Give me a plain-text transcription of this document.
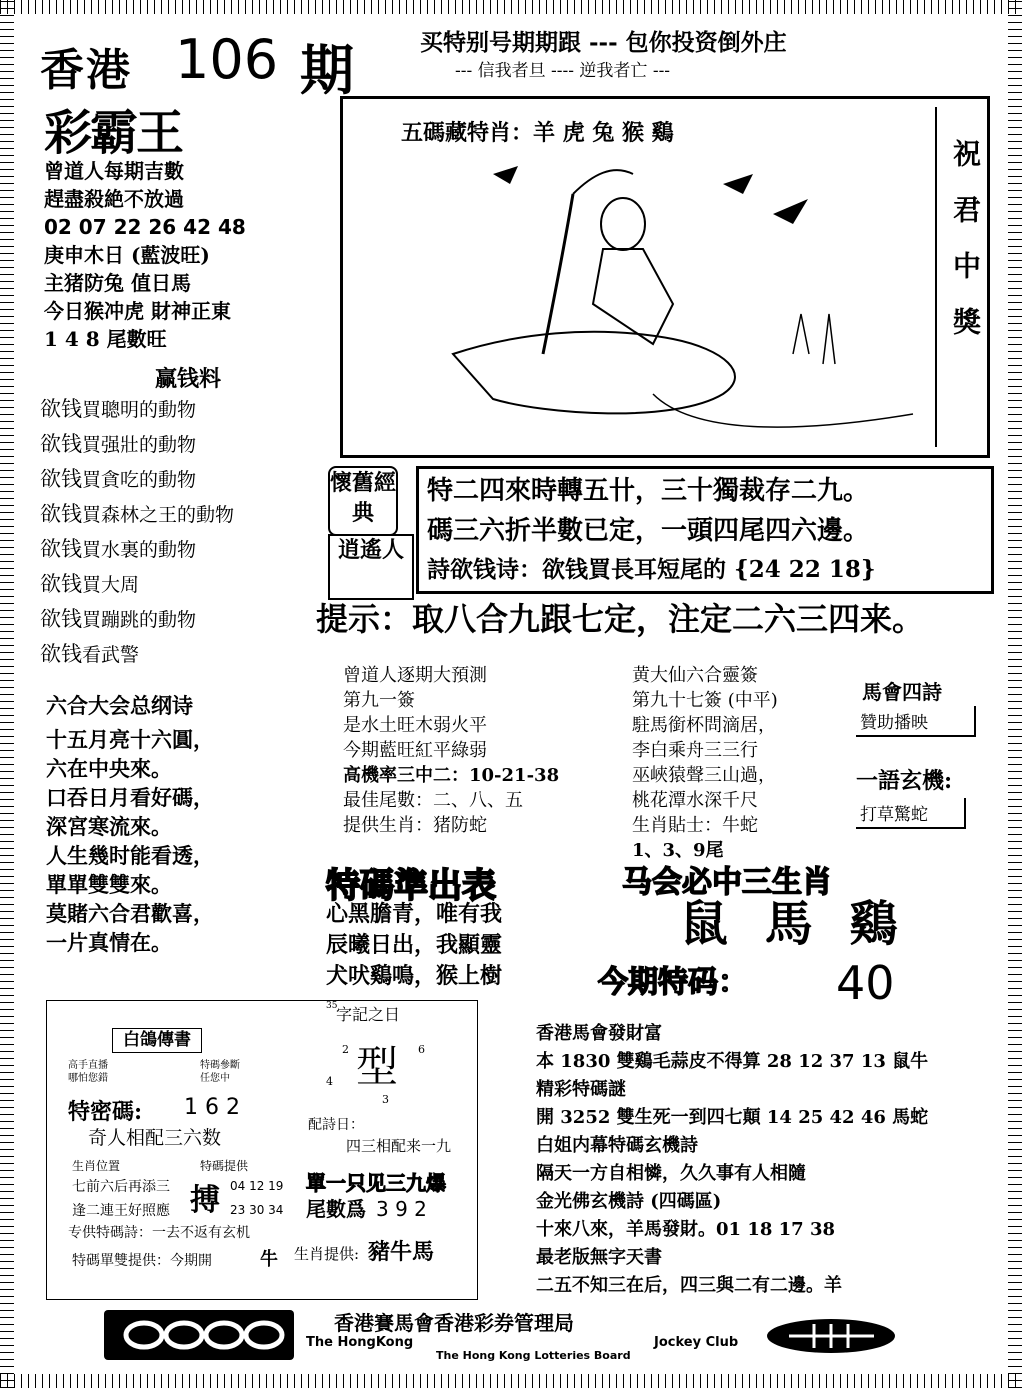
香港 106 期	买特别号期期跟 --- 包你投资倒外庄
--- 信我者旦 ---- 逆我者亡 ---
彩霸王
曾道人每期吉數
趕盡殺絶不放過
02 07 22 26 42 48
庚申木日 (藍波旺)
主猪防兔 值日馬
今日猴冲虎 財神正東
1 4 8 尾數旺
赢钱料
欲钱買聰明的動物
欲钱買强壯的動物
欲钱買貪吃的動物
欲钱買森林之王的動物
欲钱買水裏的動物
欲钱買大周
欲钱買蹦跳的動物
欲钱看武警
六合大会总纲诗
十五月亮十六圓，
六在中央來。
口吞日月看好碼，
深宮寒流來。
人生幾时能看透，
單單雙雙來。
莫賭六合君歡喜，
一片真情在。
五碼藏特肖：羊 虎 兔 猴 鷄
祝君中獎
懷舊經典
逍遙人
特二四來時轉五卄，三十獨裁存二九。
碼三六折半數已定，一頭四尾四六邊。
詩欲钱诗：欲钱買長耳短尾的 {24 22 18}
提示：取八合九跟七定，注定二六三四来。
曾道人逐期大預測
第九一簽
是水土旺木弱火平
今期藍旺紅平綠弱
高機率三中二：10-21-38
最佳尾數：二、八、五
提供生肖：猪防蛇
黄大仙六合靈簽
第九十七簽 (中平)
駐馬銜杯問滴居，
李白乘舟三三行
巫峽猿聲三山過，
桃花潭水深千尺
生肖貼士：牛蛇
1、3、9尾
馬會四詩
贊助播映
一語玄機:
打草驚蛇
特碼準出表
心黑膽青，唯有我
辰曦日出，我顯靈
犬吠鷄鳴，猴上樹
马会必中三生肖
鼠 馬 鷄
今期特码： 40
白鴿傳書
高手直播
哪怕您錯
特碼參斷
任您中
特密碼: 1 6 2
奇人相配三六数
生肖位置
七前六后再添三
逢二連王好照應
特碼提供
搏 04 12 19
23 30 34
专供特碼詩：一去不返有玄机
特碼單雙提供：今期開	牛
字記之日
35
2	6
4
3
型
配詩日：
四三相配来一九
單一只见三九爆
尾數爲 3 9 2
生肖提供: 豬牛馬
香港馬會發財富
本 1830 雙鷄毛蒜皮不得算 28 12 37 13 鼠牛
精彩特碼謎
開 3252 雙生死一到四七顛 14 25 42 46 馬蛇
白姐内幕特碼玄機詩
隔天一方自相憐，久久事有人相隨
金光佛玄機詩 (四碼區)
十來八來，羊馬發財。01 18 17 38
最老版無字天書
二五不知三在后，四三與二有二邊。羊
香港賽馬會香港彩券管理局
The HongKong	Jockey Club
The Hong Kong Lotteries Board
